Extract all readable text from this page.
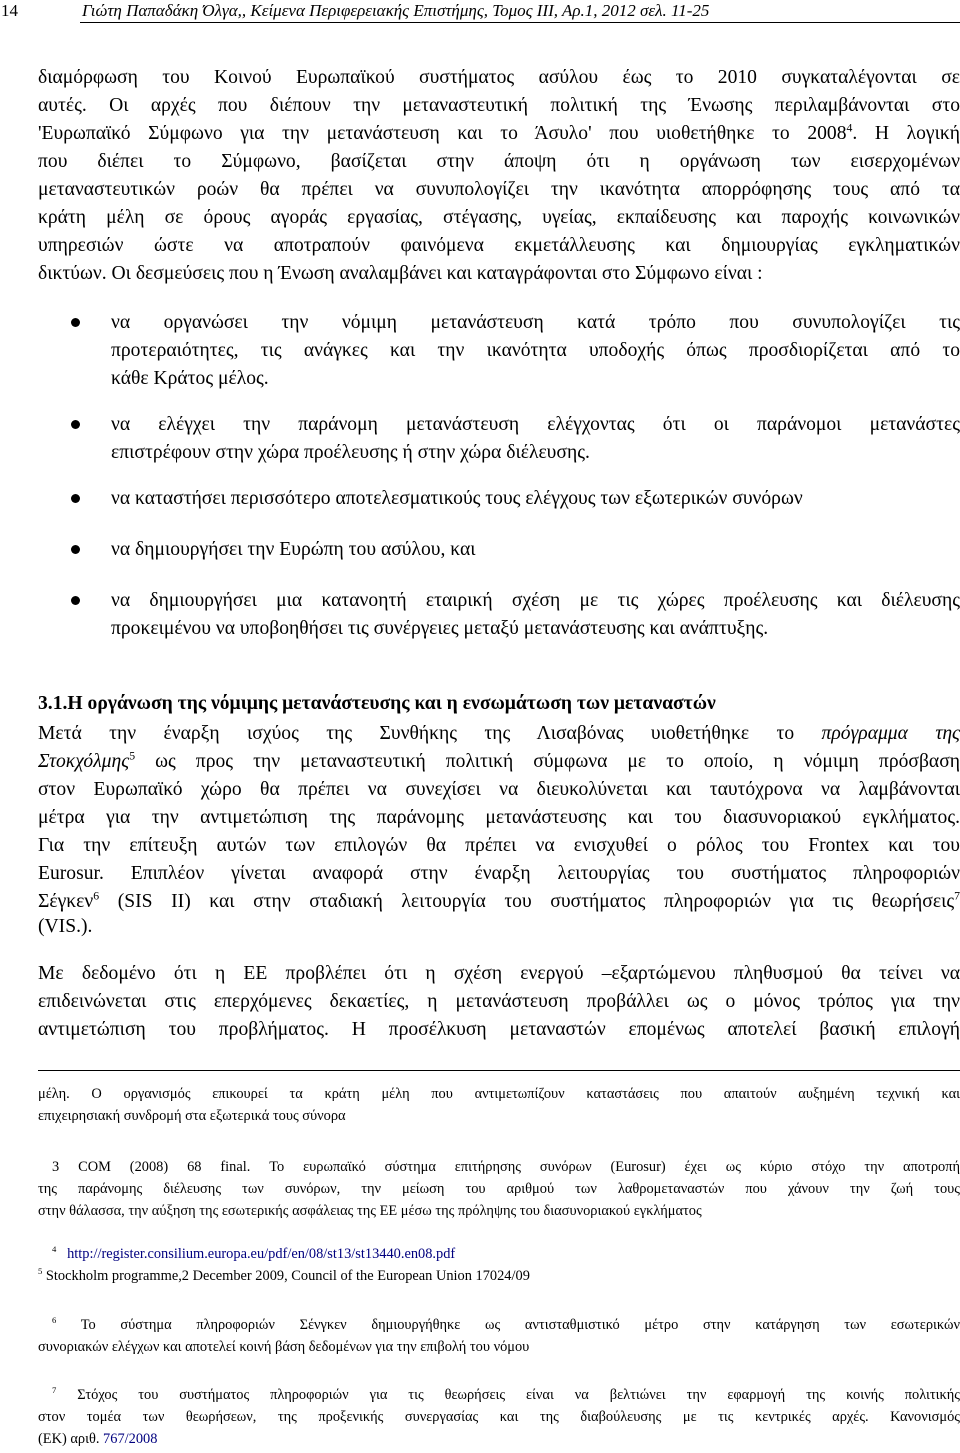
14	Γιώτη Παπαδάκη Όλγα,, Κείμενα Περιφερειακής Επιστήμης, Τομος ΙΙΙ, Αρ.1, 2012 σελ. 11-25
διαμόρφωση του Κοινού Ευρωπαϊκού συστήματος ασύλου έως το 2010 συγκαταλέγονται σε
αυτές. Οι αρχές που διέπουν την μεταναστευτική πολιτική της Ένωσης περιλαμβάνονται στο
'Ευρωπαϊκό Σύμφωνο για την μετανάστευση και το Άσυλο' που υιοθετήθηκε το 2008$^4$. Η λογική
που διέπει το Σύμφωνο, βασίζεται στην άποψη ότι η οργάνωση των εισερχομένων
μεταναστευτικών ροών θα πρέπει να συνυπολογίζει την ικανότητα απορρόφησης τους από τα
κράτη μέλη σε όρους αγοράς εργασίας, στέγασης, υγείας, εκπαίδευσης και παροχής κοινωνικών
υπηρεσιών ώστε να αποτραπούν φαινόμενα εκμετάλλευσης και δημιουργίας εγκληματικών
δικτύων. Οι δεσμεύσεις που η Ένωση αναλαμβάνει και καταγράφονται στο Σύμφωνο είναι :
να οργανώσει την νόμιμη μετανάστευση κατά τρόπο που συνυπολογίζει τις
προτεραιότητες, τις ανάγκες και την ικανότητα υποδοχής όπως προσδιορίζεται από το
κάθε Κράτος μέλος.
να ελέγχει την παράνομη μετανάστευση ελέγχοντας ότι οι παράνομοι μετανάστες
επιστρέφουν στην χώρα προέλευσης ή στην χώρα διέλευσης.
να καταστήσει περισσότερο αποτελεσματικούς τους ελέγχους των εξωτερικών συνόρων
να δημιουργήσει την Ευρώπη του ασύλου, και
να δημιουργήσει μια κατανοητή εταιρική σχέση με τις χώρες προέλευσης και διέλευσης
προκειμένου να υποβοηθήσει τις συνέργειες μεταξύ μετανάστευσης και ανάπτυξης.
3.1.Η οργάνωση της νόμιμης μετανάστευσης και η ενσωμάτωση των μεταναστών
Μετά την έναρξη ισχύος της Συνθήκης της Λισαβόνας υιοθετήθηκε το πρόγραμμα της
Στοκχόλμης$^5$ ως προς την μεταναστευτική πολιτική σύμφωνα με το οποίο, η νόμιμη πρόσβαση
στον Ευρωπαϊκό χώρο θα πρέπει να συνεχίσει να διευκολύνεται και ταυτόχρονα να λαμβάνονται
μέτρα για την αντιμετώπιση της παράνομης μετανάστευσης και του διασυνοριακού εγκλήματος.
Για την επίτευξη αυτών των επιλογών θα πρέπει να ενισχυθεί ο ρόλος του Frontex και του
Eurosur. Επιπλέον γίνεται αναφορά στην έναρξη λειτουργίας του συστήματος πληροφοριών
Σέγκεν$^6$ (SIS II) και στην σταδιακή λειτουργία του συστήματος πληροφοριών για τις θεωρήσεις$^7$
(VIS.).
Με δεδομένο ότι η ΕΕ προβλέπει ότι η σχέση ενεργού –εξαρτώμενου πληθυσμού θα τείνει να
επιδεινώνεται στις επερχόμενες δεκαετίες, η μετανάστευση προβάλλει ως ο μόνος τρόπος για την
αντιμετώπιση του προβλήματος. Η προσέλκυση μεταναστών επομένως αποτελεί βασική επιλογή
μέλη. Ο οργανισμός επικουρεί τα κράτη μέλη που αντιμετωπίζουν καταστάσεις που απαιτούν αυξημένη τεχνική και
επιχειρησιακή συνδρομή στα εξωτερικά τους σύνορα
3 COM (2008) 68 final. Το ευρωπαϊκό σύστημα επιτήρησης συνόρων (Eurosur) έχει ως κύριο στόχο την αποτροπή
της παράνομης διέλευσης των συνόρων, την μείωση του αριθμού των λαθρομεταναστών που χάνουν την ζωή τους
στην θάλασσα, την αύξηση της εσωτερικής ασφάλειας της ΕΕ μέσω της πρόληψης του διασυνοριακού εγκλήματος
$^4$ http://register.consilium.europa.eu/pdf/en/08/st13/st13440.en08.pdf
$^5$ Stockholm programme,2 December 2009, Council of the European Union 17024/09
$^6$ Το σύστημα πληροφοριών Σένγκεν δημιουργήθηκε ως αντισταθμιστικό μέτρο στην κατάργηση των εσωτερικών
συνοριακών ελέγχων και αποτελεί κοινή βάση δεδομένων για την επιβολή του νόμου
$^7$ Στόχος του συστήματος πληροφοριών για τις θεωρήσεις είναι να βελτιώνει την εφαρμογή της κοινής πολιτικής
στον τομέα των θεωρήσεων, της προξενικής συνεργασίας και της διαβούλευσης με τις κεντρικές αρχές. Κανονισμός
(ΕΚ) αριθ. 767/2008
